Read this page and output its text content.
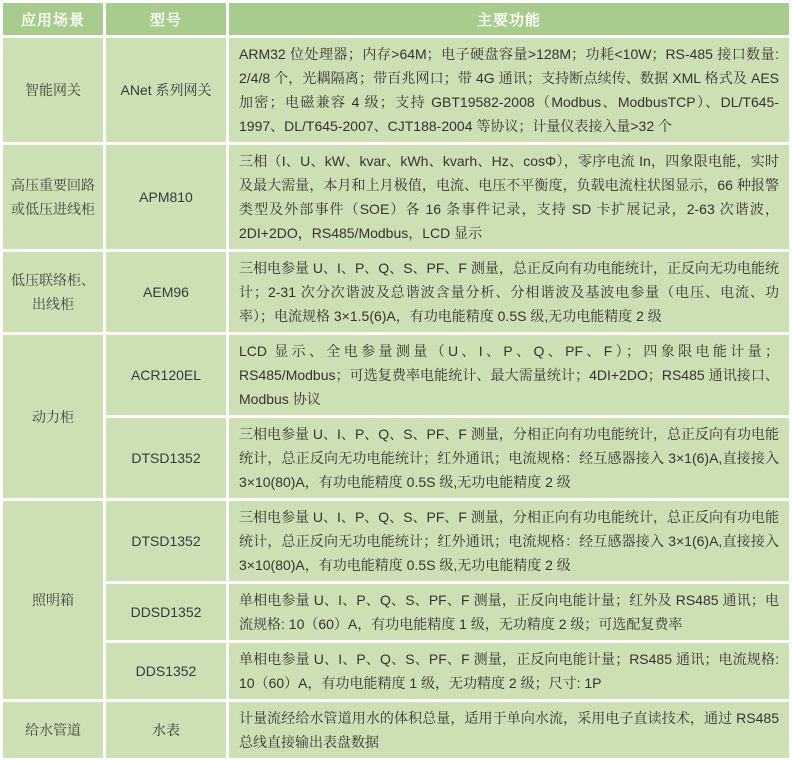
应用场景	型号	主要功能
智能网关	ANet 系列网关	ARM32 位处理器；内存>64M；电子硬盘容量>128M；功耗<10W；RS-485 接口数量: 2/4/8 个，光耦隔离；带百兆网口；带 4G 通讯；支持断点续传、数据 XML 格式及 AES 加密；电磁兼容 4 级；支持 GBT19582-2008（Modbus、ModbusTCP）、DL/T645-1997、DL/T645-2007、CJT188-2004 等协议；计量仪表接入量>32 个
高压重要回路或低压进线柜	APM810	三相（I、U、kW、kvar、kWh、kvarh、Hz、cosΦ），零序电流 In，四象限电能，实时及最大需量，本月和上月极值，电流、电压不平衡度，负载电流柱状图显示，66 种报警类型及外部事件（SOE）各 16 条事件记录，支持 SD 卡扩展记录，2-63 次谐波，2DI+2DO，RS485/Modbus，LCD 显示
低压联络柜、出线柜	AEM96	三相电参量 U、I、P、Q、S、PF、F 测量，总正反向有功电能统计，正反向无功电能统计；2-31 次分次谐波及总谐波含量分析、分相谐波及基波电参量（电压、电流、功率）；电流规格 3×1.5(6)A，有功电能精度 0.5S 级,无功电能精度 2 级
动力柜	ACR120EL	LCD 显示、全电参量测量（U、I、P、Q、PF、F）；四象限电能计量；RS485/Modbus；可选复费率电能统计、最大需量统计；4DI+2DO；RS485 通讯接口、Modbus 协议
	DTSD1352	三相电参量 U、I、P、Q、S、PF、F 测量，分相正向有功电能统计，总正反向有功电能统计，总正反向无功电能统计；红外通讯；电流规格：经互感器接入 3×1(6)A,直接接入 3×10(80)A，有功电能精度 0.5S 级,无功电能精度 2 级
照明箱	DTSD1352	三相电参量 U、I、P、Q、S、PF、F 测量，分相正向有功电能统计，总正反向有功电能统计，总正反向无功电能统计；红外通讯；电流规格：经互感器接入 3×1(6)A,直接接入 3×10(80)A，有功电能精度 0.5S 级,无功电能精度 2 级
	DDSD1352	单相电参量 U、I、P、Q、S、PF、F 测量，正反向电能计量；红外及 RS485 通讯；电流规格: 10（60）A，有功电能精度 1 级，无功精度 2 级；可选配复费率
	DDS1352	单相电参量 U、I、P、Q、S、PF、F 测量，正反向电能计量；RS485 通讯；电流规格: 10（60）A，有功电能精度 1 级，无功精度 2 级；尺寸: 1P
给水管道	水表	计量流经给水管道用水的体积总量，适用于单向水流，采用电子直读技术，通过 RS485 总线直接输出表盘数据
